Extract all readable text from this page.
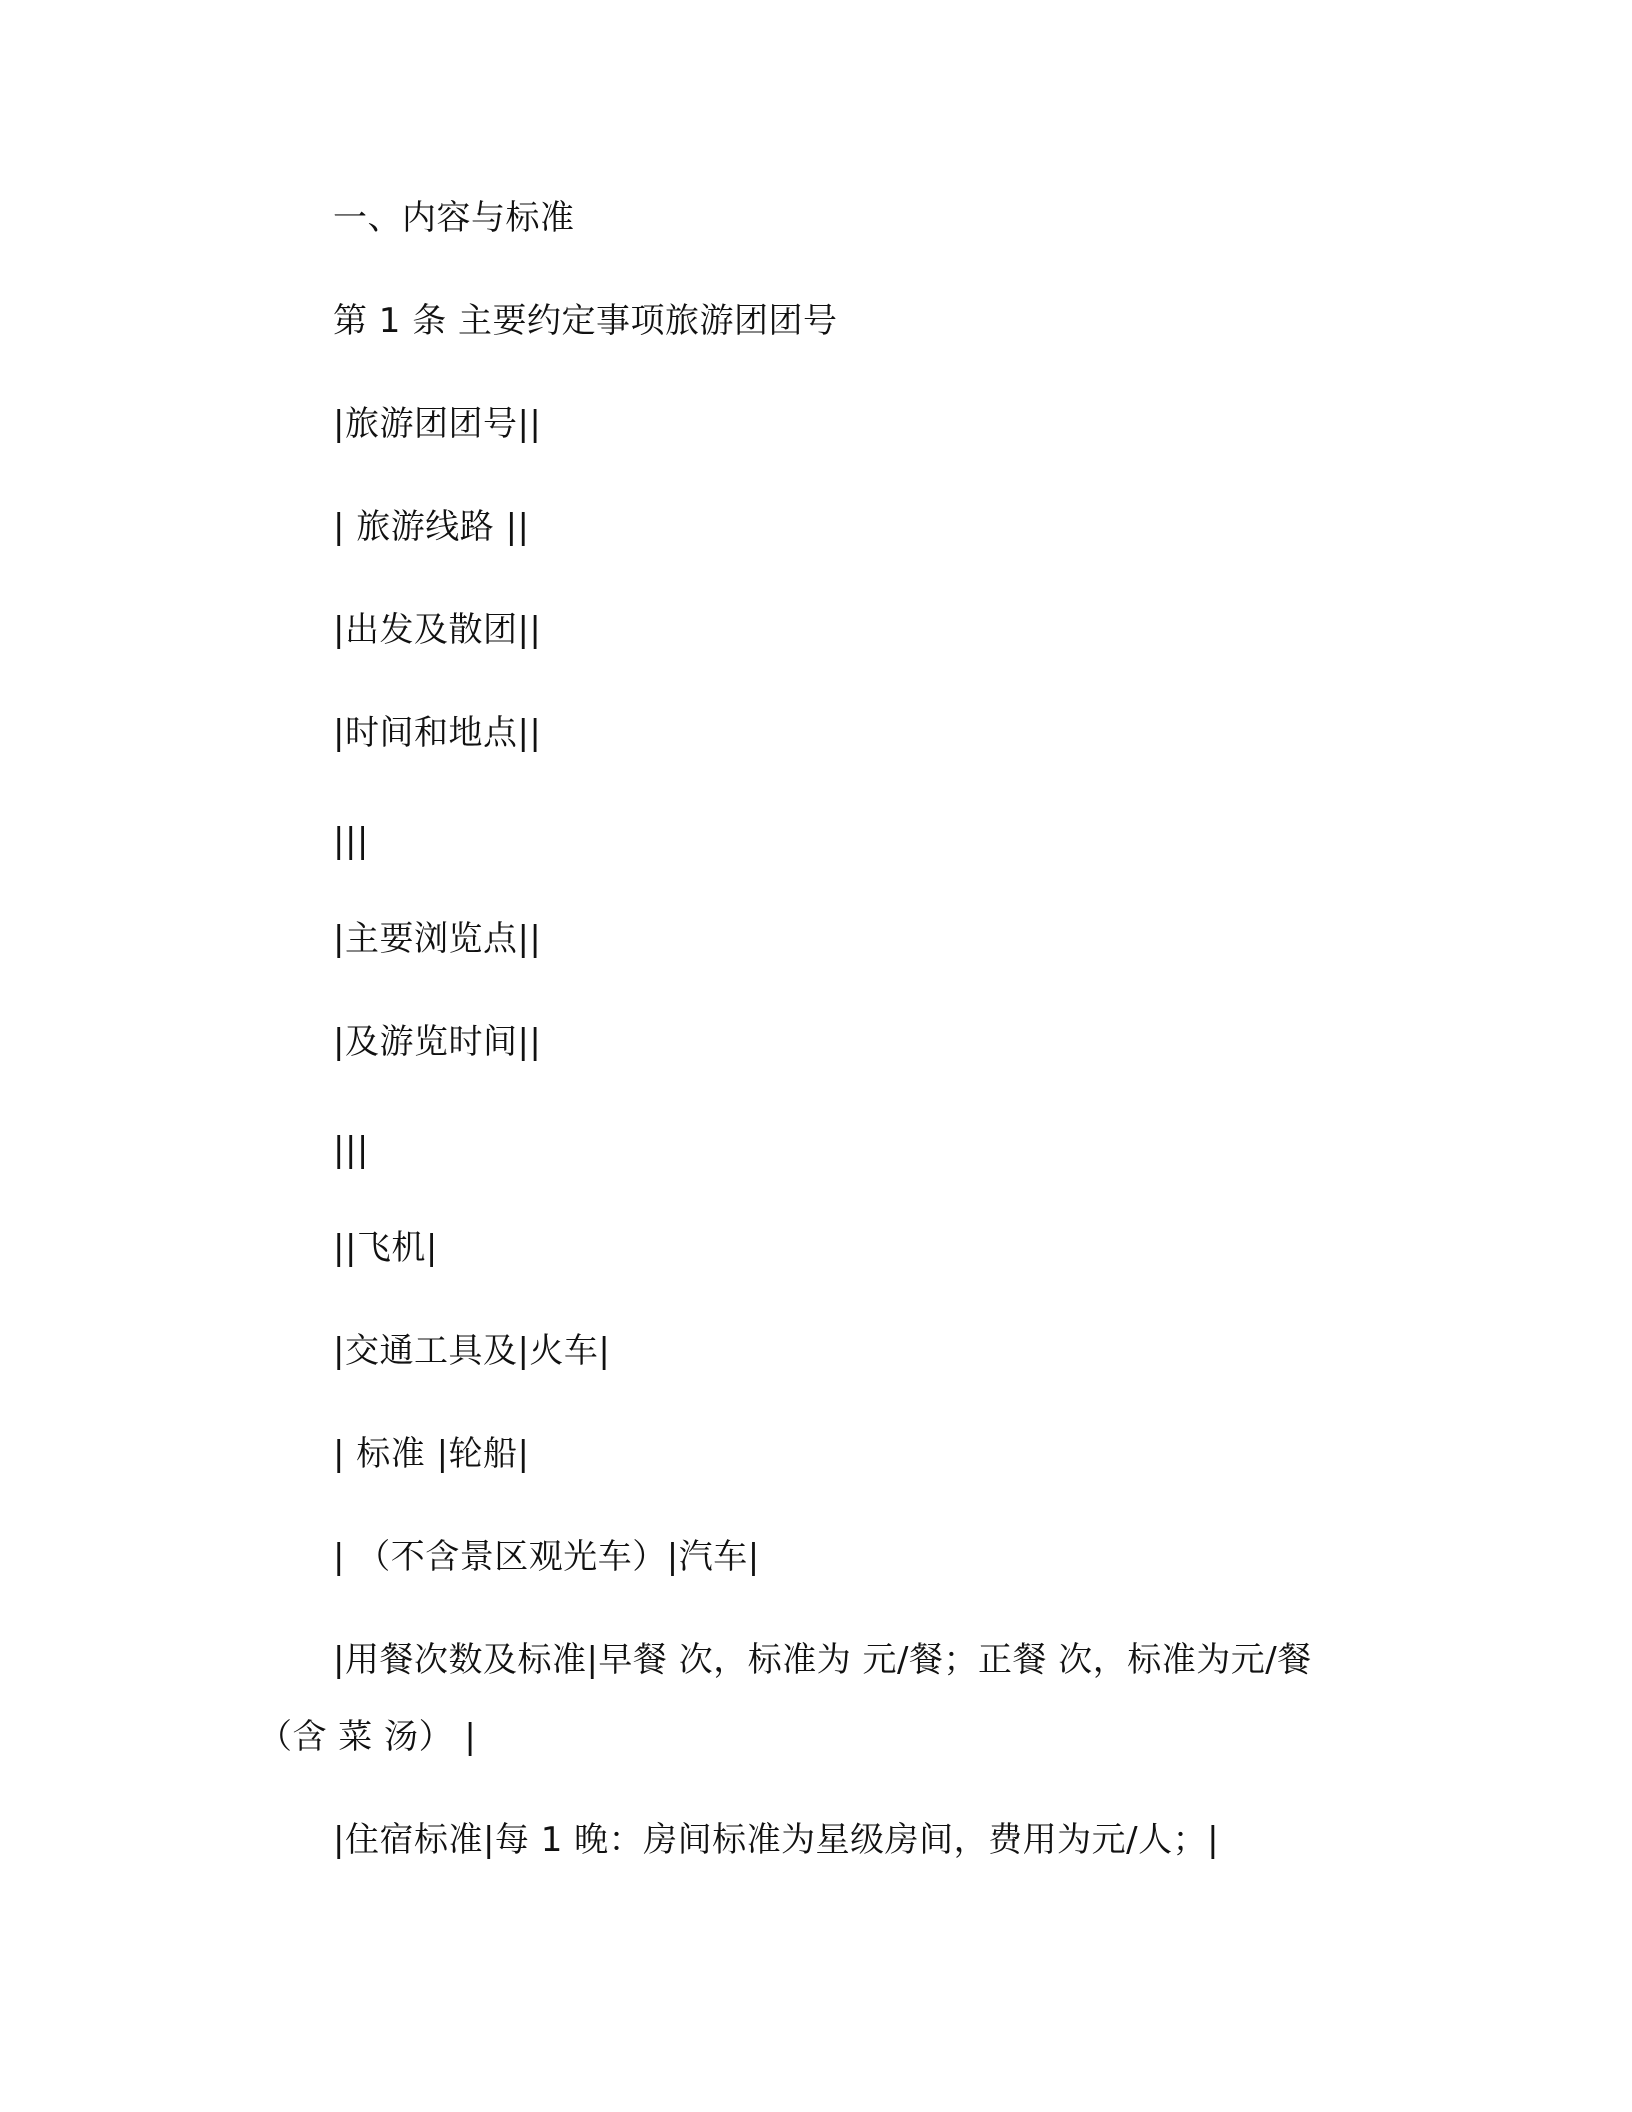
一、内容与标准
第 1 条 主要约定事项旅游团团号
|旅游团团号||
| 旅游线路 ||
|出发及散团||
|时间和地点||
|||
|主要浏览点||
|及游览时间||
|||
||飞机|
|交通工具及|火车|
| 标准 |轮船|
| （不含景区观光车）|汽车|
|用餐次数及标准|早餐 次，标准为 元/餐；正餐 次，标准为元/餐
（含 菜 汤） |
|住宿标准|每 1 晚：房间标准为星级房间，费用为元/人；|
